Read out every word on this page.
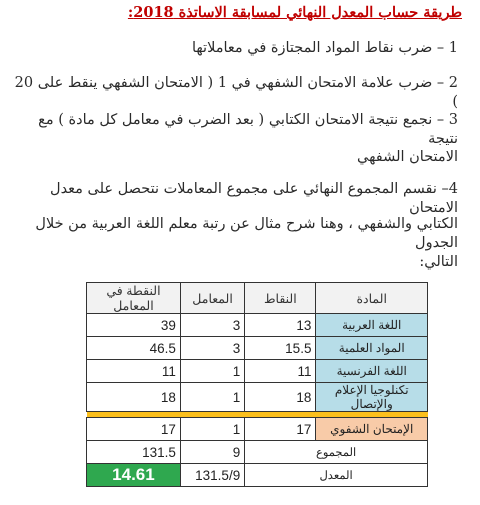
طريقة حساب المعدل النهائي لمسابقة الاساتذة 2018:
1 – ضرب نقاط المواد المجتازة في معاملاتها
2 – ضرب علامة الامتحان الشفهي في 1 ( الامتحان الشفهي ينقط على 20 )
3 – نجمع نتيجة الامتحان الكتابي ( بعد الضرب في معامل كل مادة ) مع نتيجة
الامتحان الشفهي
4– نقسم المجموع النهائي على مجموع المعاملات نتحصل على معدل الامتحان
الكتابي والشفهي ، وهنا شرح مثال عن رتبة معلم اللغة العربية من خلال الجدول
التالي:
المادة	النقاط	المعامل	النقطة في المعامل
اللغة العربية	13	3	39
المواد العلمية	15.5	3	46.5
اللغة الفرنسية	11	1	11
تكنلوجيا الإعلام والإتصال	18	1	18

الإمتحان الشفوي	17	1	17
المجموع		9	131.5
المعدل		131.5/9	14.61
